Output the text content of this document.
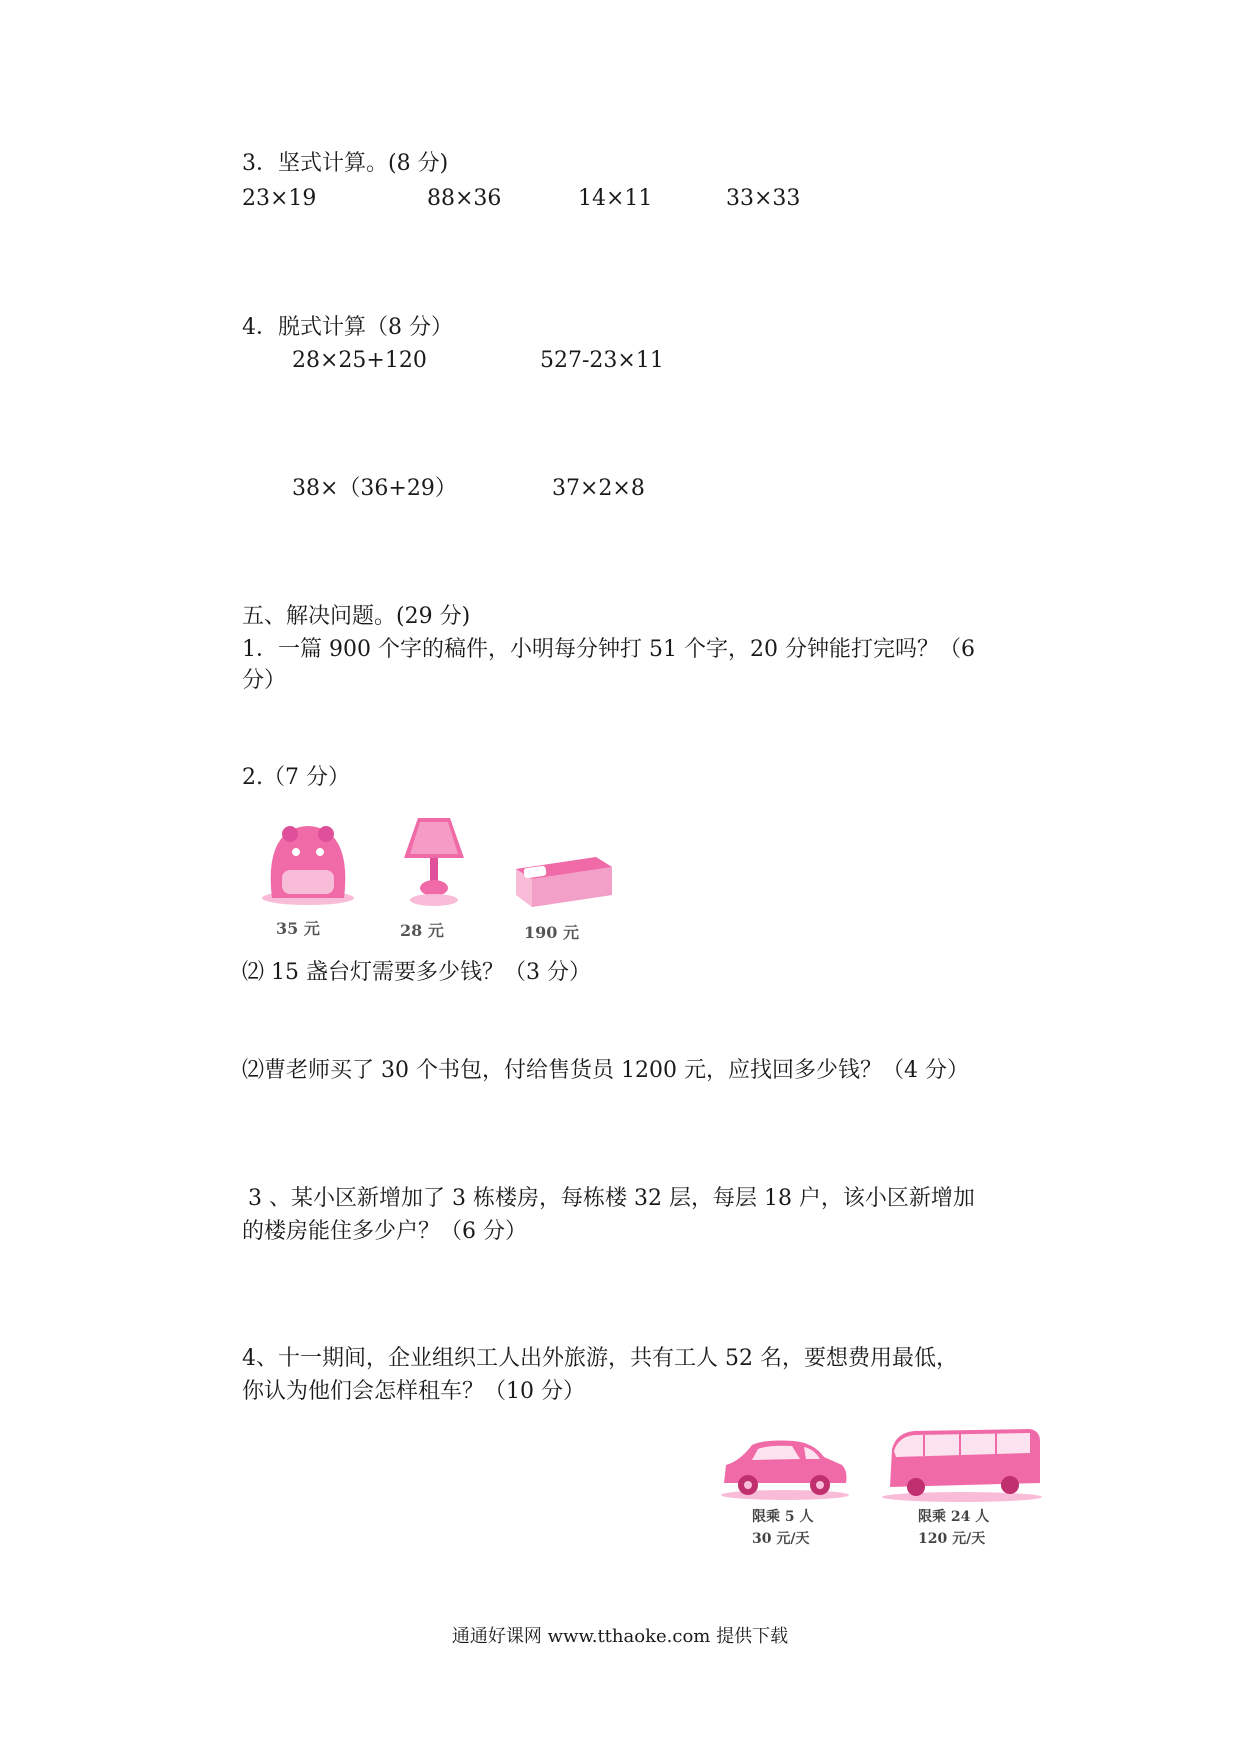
3．坚式计算。(8 分)
23×19	88×36	14×11	33×33
4．脱式计算（8 分）
28×25+120	527-23×11
38×（36+29）	37×2×8
五、解决问题。(29 分)
1．一篇 900 个字的稿件，小明每分钟打 51 个字，20 分钟能打完吗？（6
分）
2.（7 分）
35 元	28 元	190 元
⑵ 15 盏台灯需要多少钱？（3 分）
⑵曹老师买了 30 个书包，付给售货员 1200 元，应找回多少钱？（4 分）
3 、某小区新增加了 3 栋楼房，每栋楼 32 层，每层 18 户，该小区新增加
的楼房能住多少户？（6 分）
4、十一期间，企业组织工人出外旅游，共有工人 52 名，要想费用最低，
你认为他们会怎样租车？（10 分）
限乘 5 人
30 元/天
限乘 24 人
120 元/天
通通好课网 www.tthaoke.com 提供下载
